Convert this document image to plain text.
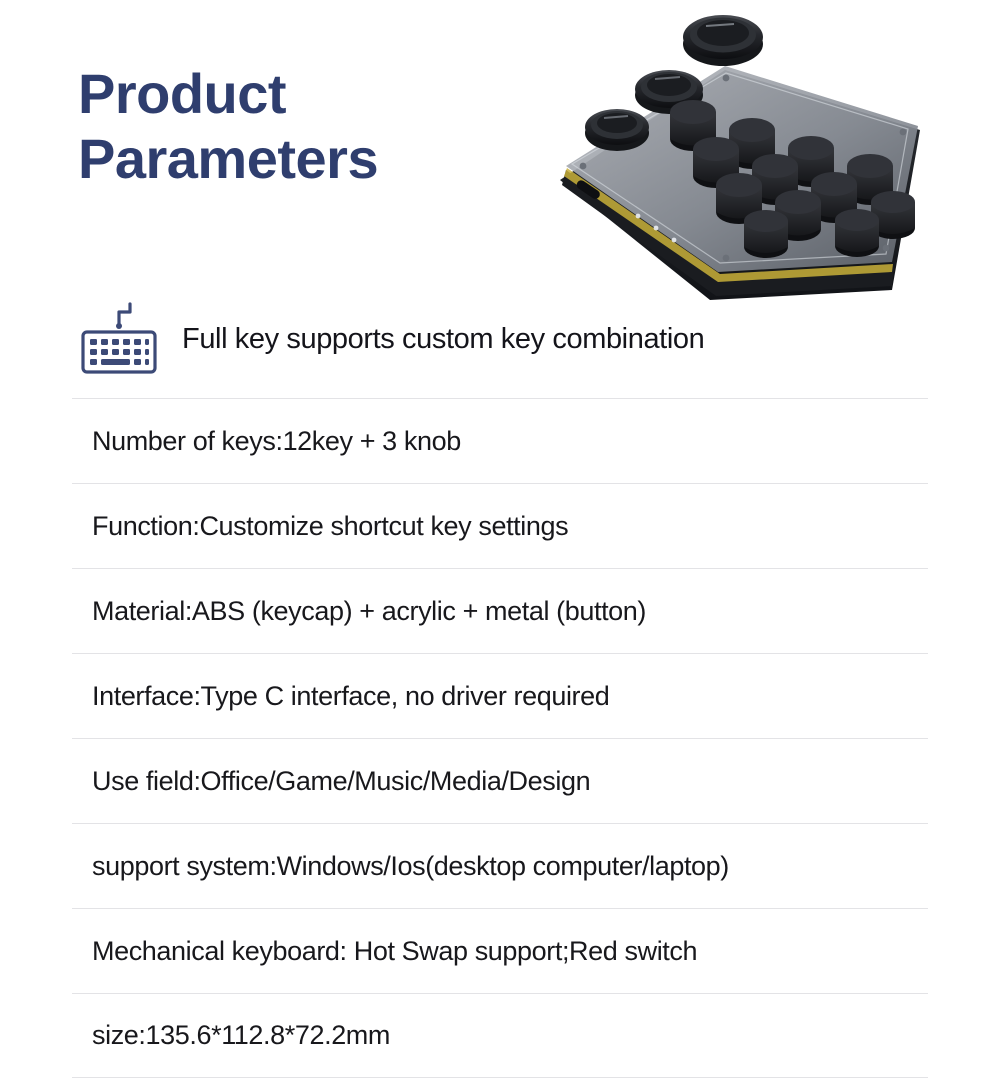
Product
Parameters
Full key supports custom key combination
Number of keys:12key + 3 knob
Function:Customize shortcut key settings
Material:ABS (keycap) + acrylic + metal (button)
Interface:Type C interface, no driver required
Use field:Office/Game/Music/Media/Design
support system:Windows/Ios(desktop computer/laptop)
Mechanical keyboard: Hot Swap support;Red switch
size:135.6*112.8*72.2mm
